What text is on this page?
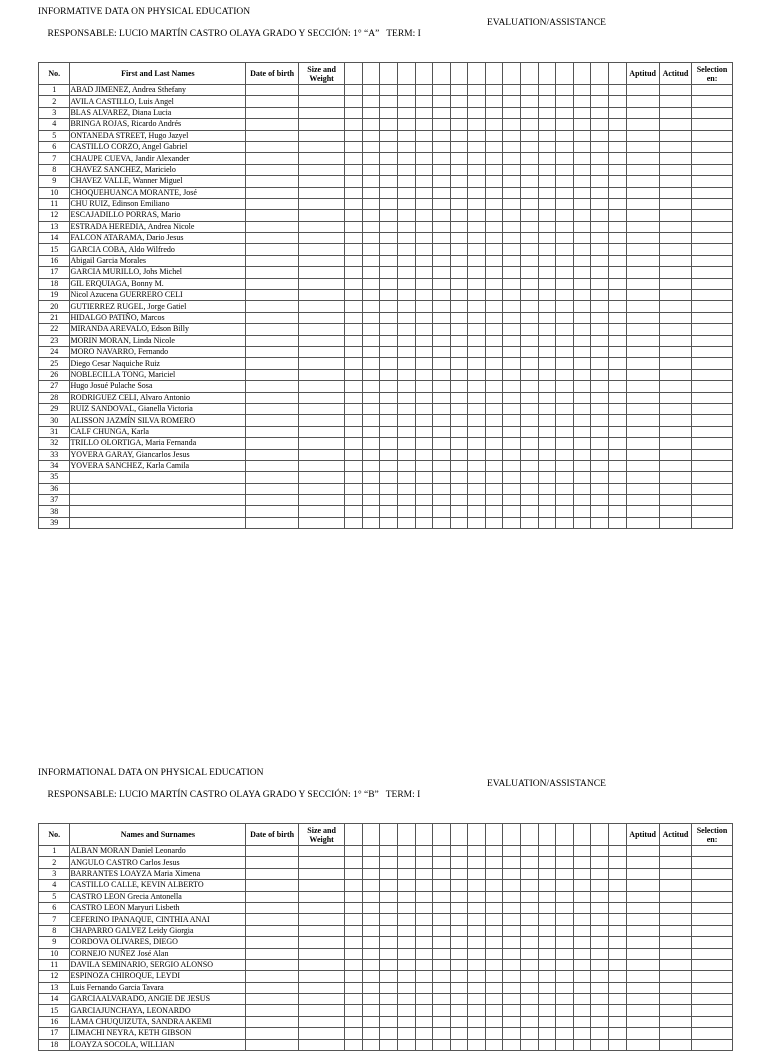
INFORMATIVE DATA ON PHYSICAL EDUCATION

RESPONSABLE: LUCIO MARTÍN CASTRO OLAYA GRADO Y SECCIÓN: 1° “A”   TERM: I

EVALUATION/ASSISTANCE

No.	First and Last Names	Date of birth	Size and Weight																	Aptitud	Actitud	Selection en:
1	ABAD JIMENEZ, Andrea Sthefany																					
2	AVILA CASTILLO, Luis Angel																					
3	BLAS ALVAREZ, Diana Lucia																					
4	BRINGA ROJAS, Ricardo Andrés																					
5	ONTANEDA STREET, Hugo Jazyel																					
6	CASTILLO CORZO, Angel Gabriel																					
7	CHAUPE CUEVA, Jandir Alexander																					
8	CHAVEZ SANCHEZ, Maricielo																					
9	CHAVEZ VALLE, Wanner Miguel																					
10	CHOQUEHUANCA MORANTE, José																					
11	CHU RUIZ, Edinson Emiliano																					
12	ESCAJADILLO PORRAS, Mario																					
13	ESTRADA HEREDIA, Andrea Nicole																					
14	FALCON ATARAMA, Dario Jesus																					
15	GARCIA COBA, Aldo Wilfredo																					
16	Abigail Garcia Morales																					
17	GARCIA MURILLO, Johs Michel																					
18	GIL ERQUIAGA, Bonny M.																					
19	Nicol Azucena GUERRERO CELI																					
20	GUTIERREZ RUGEL, Jorge Gatiel																					
21	HIDALGO PATIÑO, Marcos																					
22	MIRANDA AREVALO, Edson Billy																					
23	MORIN MORAN, Linda Nicole																					
24	MORO NAVARRO, Fernando																					
25	Diego Cesar Naquiche Ruiz																					
26	NOBLECILLA TONG, Mariciel																					
27	Hugo Josué Pulache Sosa																					
28	RODRIGUEZ CELI, Alvaro Antonio																					
29	RUIZ SANDOVAL, Gianella Victoria																					
30	ALISSON JAZMÍN SILVA ROMERO																					
31	CALF CHUNGA, Karla																					
32	TRILLO OLORTIGA, Maria Fernanda																					
33	YOVERA GARAY, Giancarlos Jesus																					
34	YOVERA SANCHEZ, Karla Camila																					
35																						
36																						
37																						
38																						
39																						
INFORMATIONAL DATA ON PHYSICAL EDUCATION

RESPONSABLE: LUCIO MARTÍN CASTRO OLAYA GRADO Y SECCIÓN: 1° “B”   TERM: I

EVALUATION/ASSISTANCE

No.	Names and Surnames	Date of birth	Size and Weight																	Aptitud	Actitud	Selection en:
1	ALBAN MORAN Daniel Leonardo																					
2	ANGULO CASTRO Carlos Jesus																					
3	BARRANTES LOAYZA Maria Ximena																					
4	CASTILLO CALLE, KEVIN ALBERTO																					
5	CASTRO LEON Grecia Antonella																					
6	CASTRO LEON Maryuri Lisbeth																					
7	CEFERINO IPANAQUE, CINTHIA ANAI																					
8	CHAPARRO GALVEZ Leidy Giorgia																					
9	CORDOVA OLIVARES, DIEGO																					
10	CORNEJO NUÑEZ José Alan																					
11	DAVILA SEMINARIO, SERGIO ALONSO																					
12	ESPINOZA CHIROQUE, LEYDI																					
13	Luis Fernando Garcia Tavara																					
14	GARCIAALVARADO, ANGIE DE JESUS																					
15	GARCIAJUNCHAYA, LEONARDO																					
16	LAMA CHUQUIZUTA, SANDRA AKEMI																					
17	LIMACHI NEYRA, KETH GIBSON																					
18	LOAYZA SOCOLA, WILLIAN																					
